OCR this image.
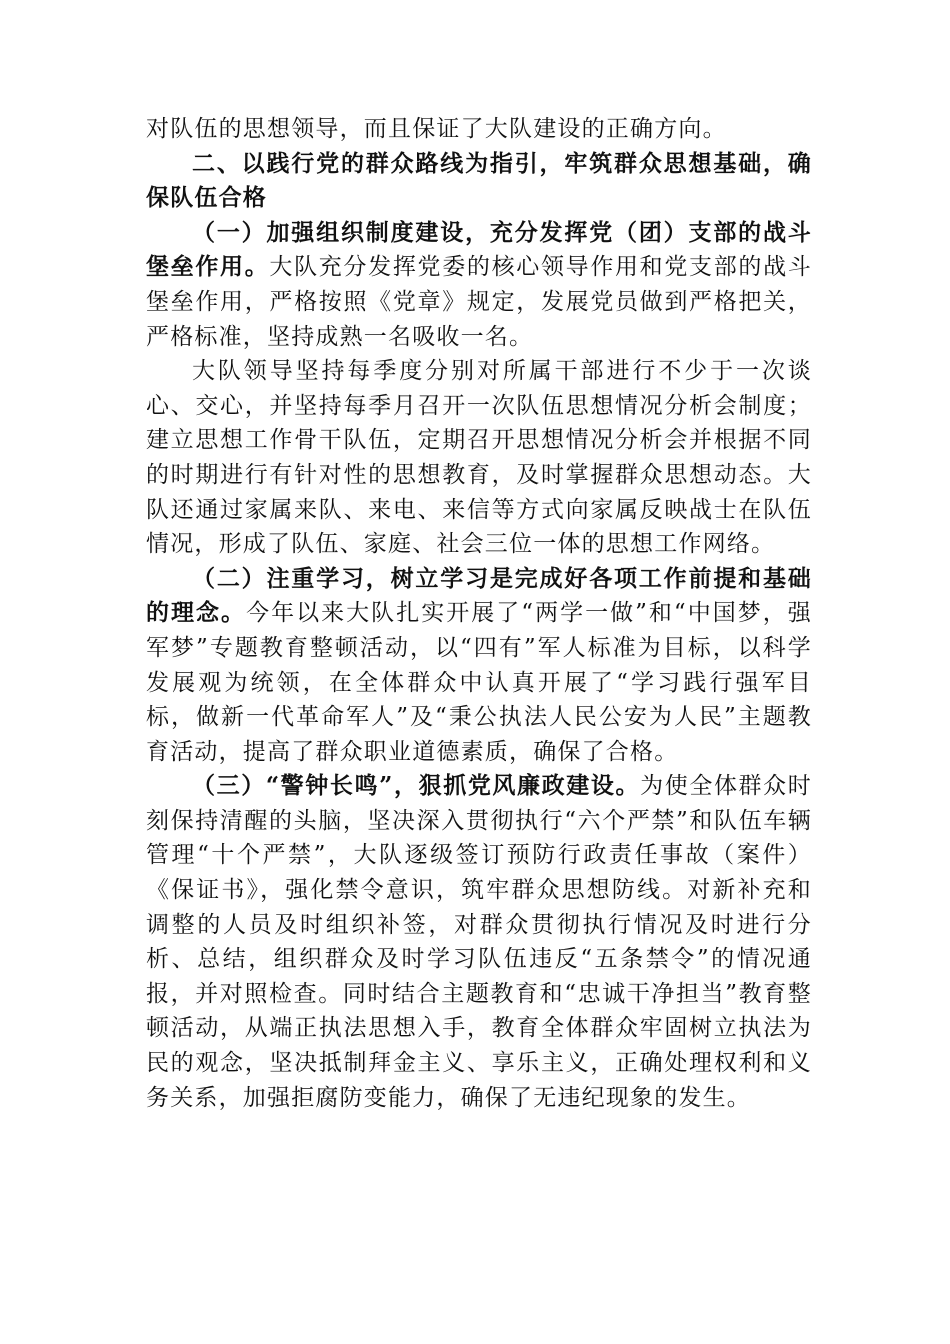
对队伍的思想领导，而且保证了大队建设的正确方向。

二、以践行党的群众路线为指引，牢筑群众思想基础，确保队伍合格

（一）加强组织制度建设，充分发挥党（团）支部的战斗堡垒作用。大队充分发挥党委的核心领导作用和党支部的战斗堡垒作用，严格按照《党章》规定，发展党员做到严格把关，严格标准，坚持成熟一名吸收一名。

大队领导坚持每季度分别对所属干部进行不少于一次谈心、交心，并坚持每季月召开一次队伍思想情况分析会制度；建立思想工作骨干队伍，定期召开思想情况分析会并根据不同的时期进行有针对性的思想教育，及时掌握群众思想动态。大队还通过家属来队、来电、来信等方式向家属反映战士在队伍情况，形成了队伍、家庭、社会三位一体的思想工作网络。

（二）注重学习，树立学习是完成好各项工作前提和基础的理念。今年以来大队扎实开展了“两学一做”和“中国梦，强军梦”专题教育整顿活动，以“四有”军人标准为目标，以科学发展观为统领，在全体群众中认真开展了“学习践行强军目标，做新一代革命军人”及“秉公执法人民公安为人民”主题教育活动，提高了群众职业道德素质，确保了合格。

（三）“警钟长鸣”，狠抓党风廉政建设。为使全体群众时刻保持清醒的头脑，坚决深入贯彻执行“六个严禁”和队伍车辆管理“十个严禁”，大队逐级签订预防行政责任事故（案件）《保证书》，强化禁令意识，筑牢群众思想防线。对新补充和调整的人员及时组织补签，对群众贯彻执行情况及时进行分析、总结，组织群众及时学习队伍违反“五条禁令”的情况通报，并对照检查。同时结合主题教育和“忠诚干净担当”教育整顿活动，从端正执法思想入手，教育全体群众牢固树立执法为民的观念，坚决抵制拜金主义、享乐主义，正确处理权利和义务关系，加强拒腐防变能力，确保了无违纪现象的发生。
